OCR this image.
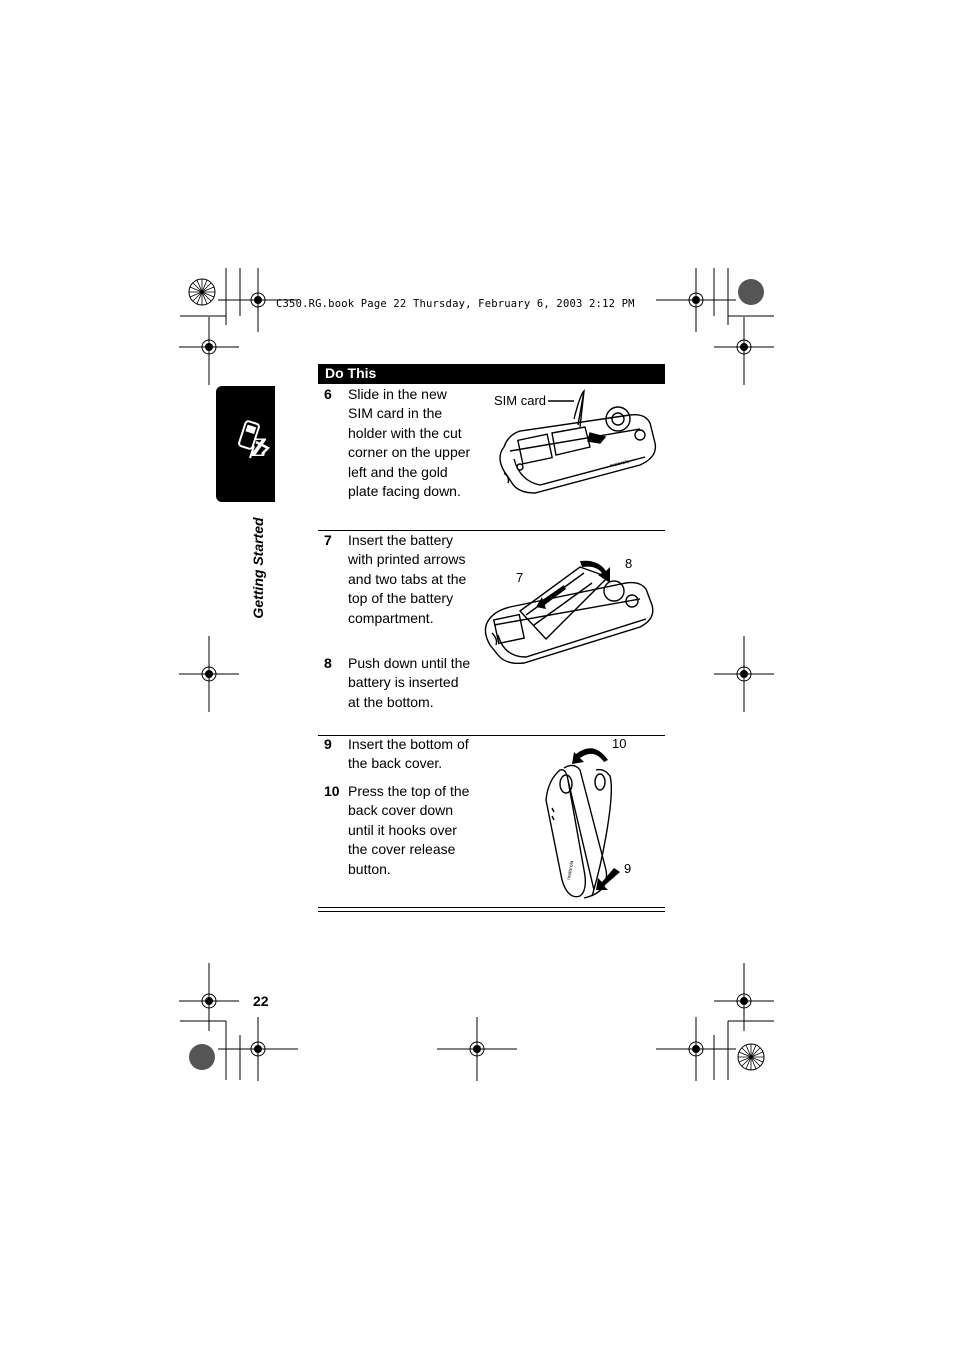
C350.RG.book Page 22 Thursday, February 6, 2003 2:12 PM
Z
Getting Started
Do This
6 Slide in the new SIM card in the holder with the cut corner on the upper left and the gold plate facing down.
7 Insert the battery with printed arrows and two tabs at the top of the battery compartment.
8 Push down until the battery is inserted at the bottom.
9 Insert the bottom of the back cover.
10 Press the top of the back cover down until it hooks over the cover release button.
motorola
SIM card
7
8
motorola
10
9
22
